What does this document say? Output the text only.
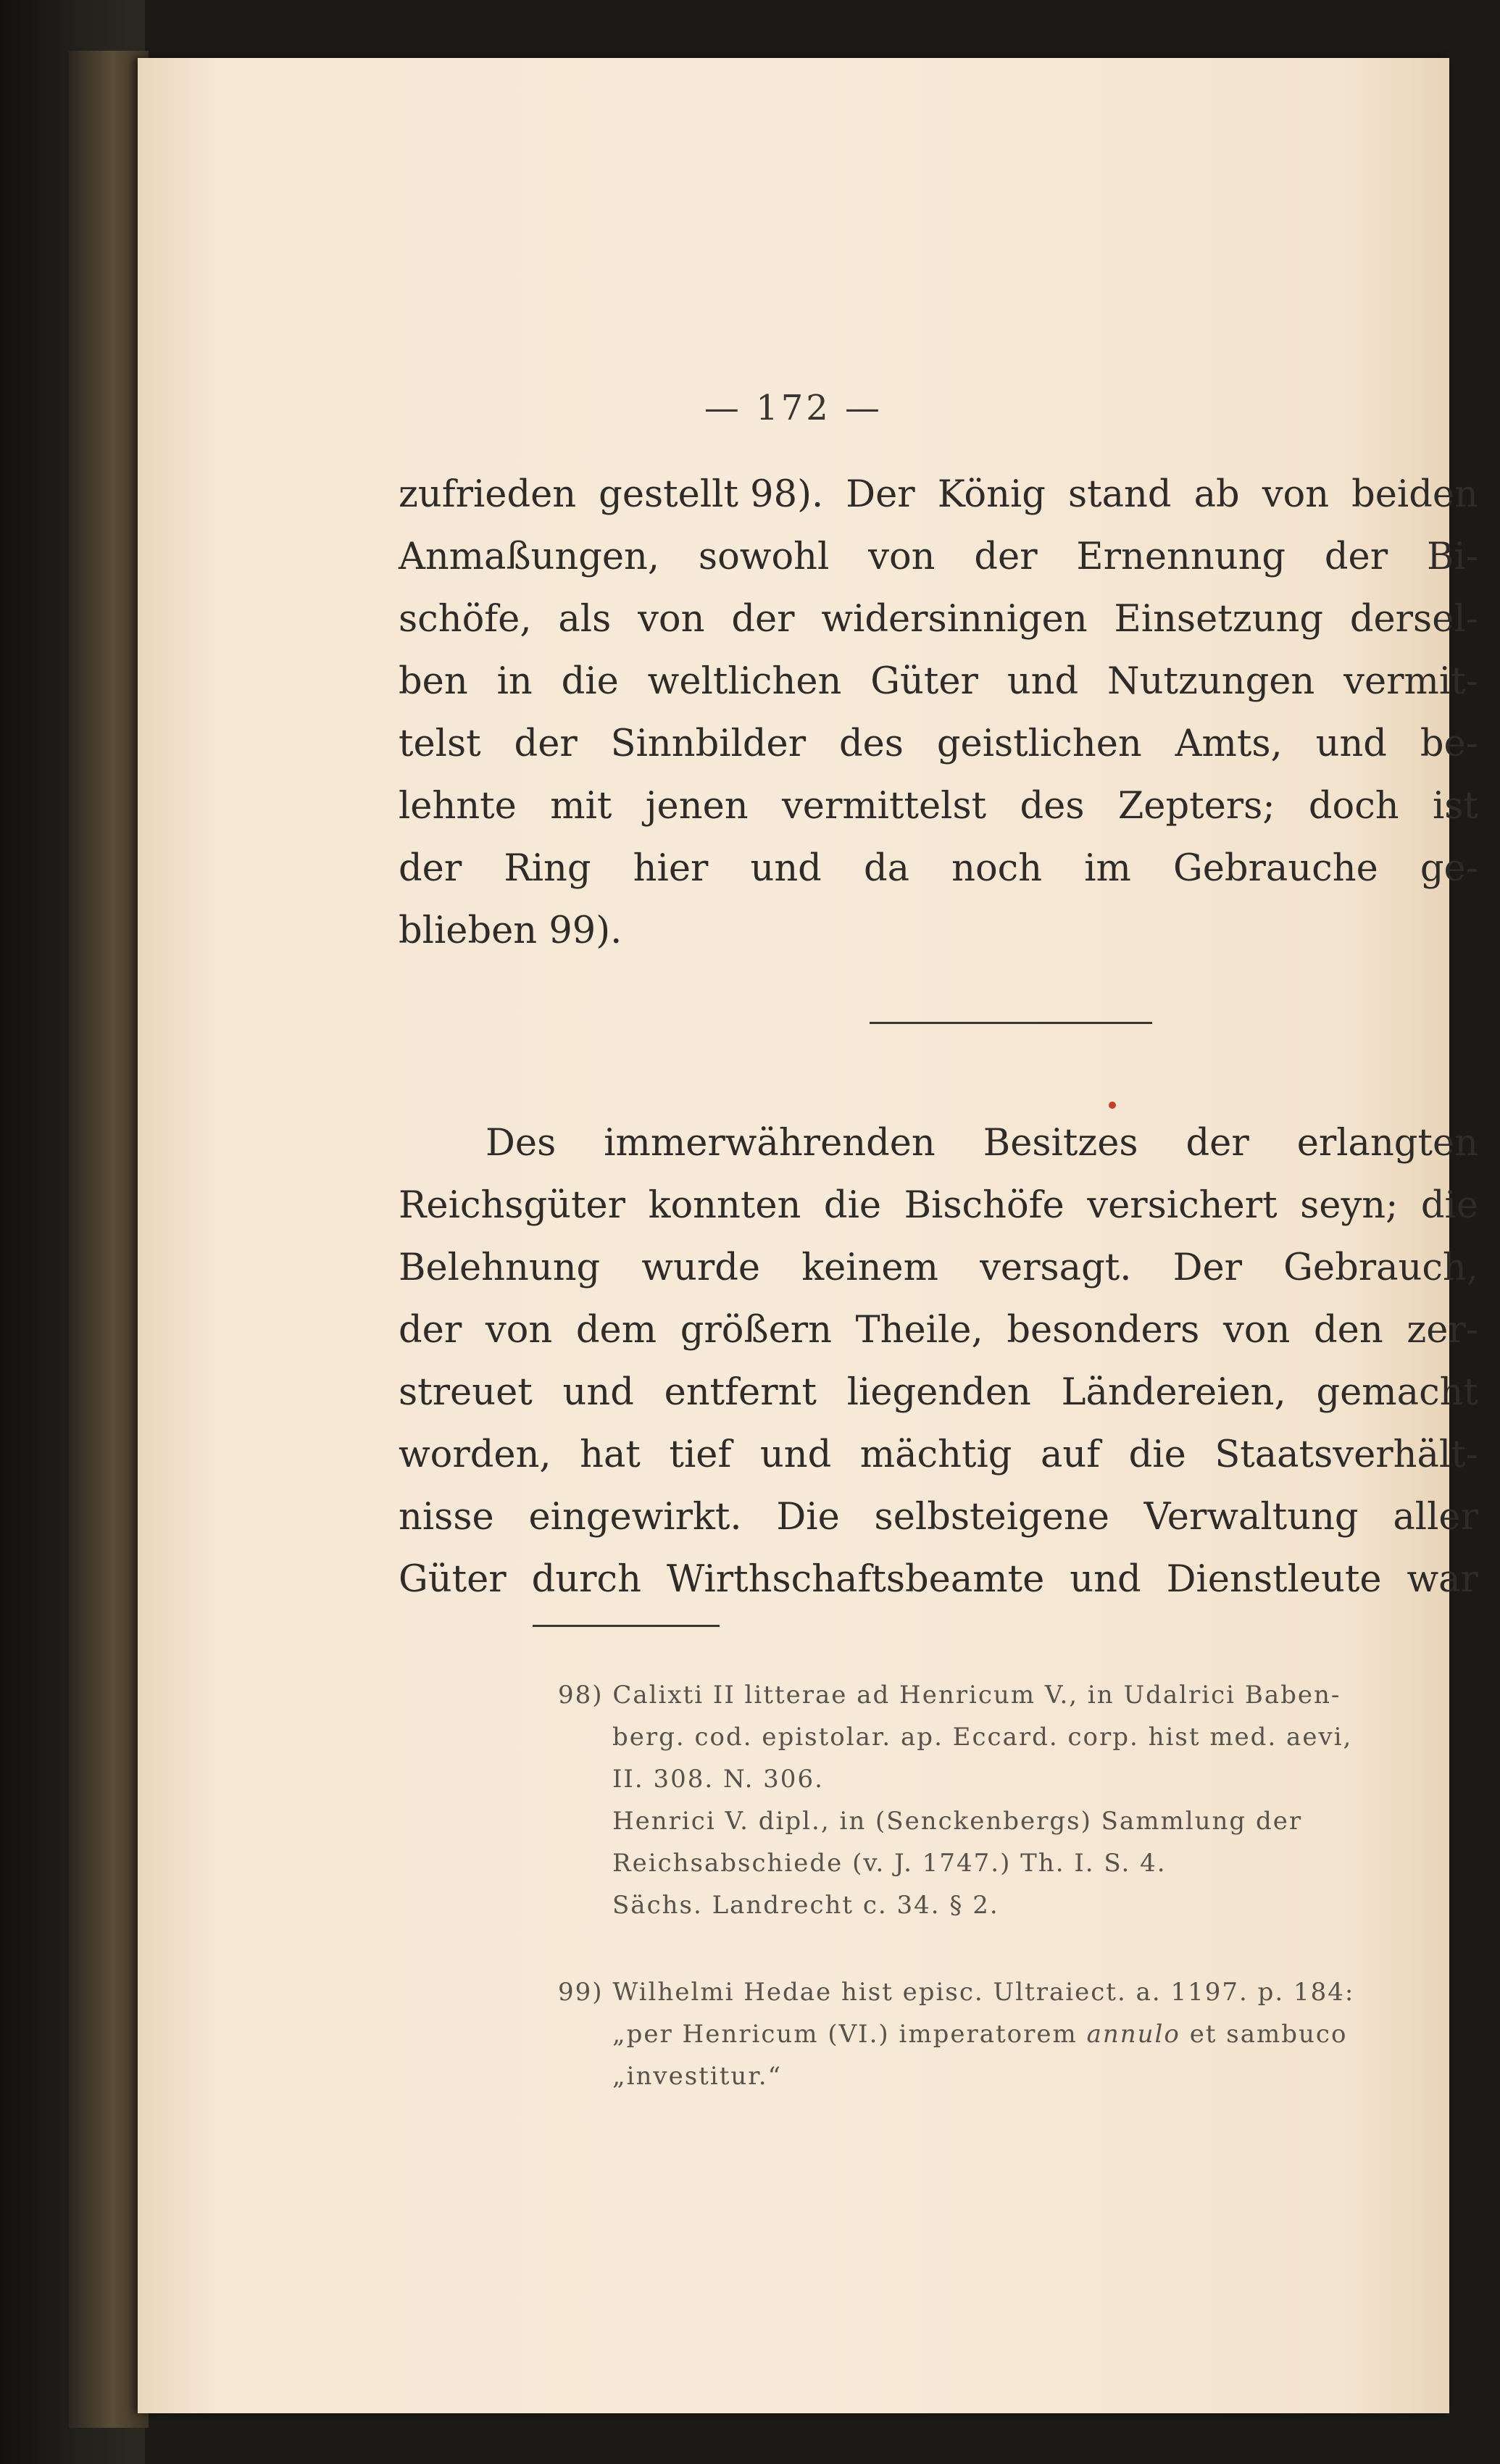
— 172 —
zufrieden gestellt 98). Der König stand ab von beiden
Anmaßungen, sowohl von der Ernennung der Bi-
schöfe, als von der widersinnigen Einsetzung dersel-
ben in die weltlichen Güter und Nutzungen vermit-
telst der Sinnbilder des geistlichen Amts, und be-
lehnte mit jenen vermittelst des Zepters; doch ist
der Ring hier und da noch im Gebrauche ge-
blieben 99).
Des immerwährenden Besitzes der erlangten
Reichsgüter konnten die Bischöfe versichert seyn; die
Belehnung wurde keinem versagt. Der Gebrauch,
der von dem größern Theile, besonders von den zer-
streuet und entfernt liegenden Ländereien, gemacht
worden, hat tief und mächtig auf die Staatsverhält-
nisse eingewirkt. Die selbsteigene Verwaltung aller
Güter durch Wirthschaftsbeamte und Dienstleute war
98) Calixti II litterae ad Henricum V., in Udalrici Baben-
berg. cod. epistolar. ap. Eccard. corp. hist med. aevi,
II. 308. N. 306.
Henrici V. dipl., in (Senckenbergs) Sammlung der
Reichsabschiede (v. J. 1747.) Th. I. S. 4.
Sächs. Landrecht c. 34. § 2.
99) Wilhelmi Hedae hist episc. Ultraiect. a. 1197. p. 184:
„per Henricum (VI.) imperatorem annulo et sambuco
„investitur.“
